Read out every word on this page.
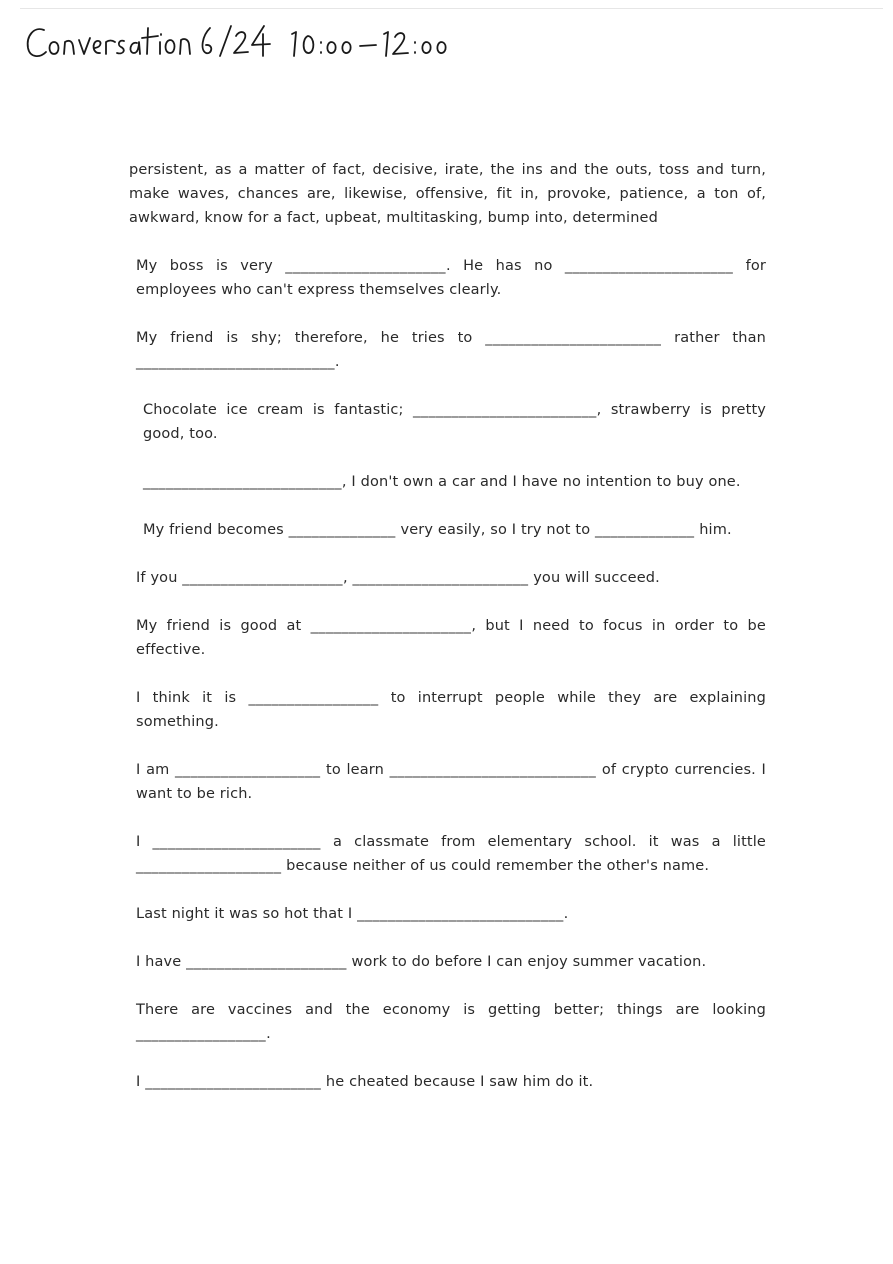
persistent, as a matter of fact, decisive, irate, the ins and the outs, toss and turn, make waves, chances are, likewise, offensive, fit in, provoke, patience, a ton of, awkward, know for a fact, upbeat, multitasking, bump into, determined

My boss is very _____________________. He has no ______________________ for employees who can't express themselves clearly.

My friend is shy; therefore, he tries to _______________________ rather than __________________________.

Chocolate ice cream is fantastic; ________________________, strawberry is pretty good, too.

__________________________, I don't own a car and I have no intention to buy one.

My friend becomes ______________ very easily, so I try not to _____________ him.

If you _____________________, _______________________ you will succeed.

My friend is good at _____________________, but I need to focus in order to be effective.

I think it is _________________ to interrupt people while they are explaining something.

I am ___________________ to learn ___________________________ of crypto currencies. I want to be rich.

I ______________________ a classmate from elementary school. it was a little ___________________ because neither of us could remember the other's name.

Last night it was so hot that I ___________________________.

I have _____________________ work to do before I can enjoy summer vacation.

There are vaccines and the economy is getting better; things are looking _________________.

I _______________________ he cheated because I saw him do it.
